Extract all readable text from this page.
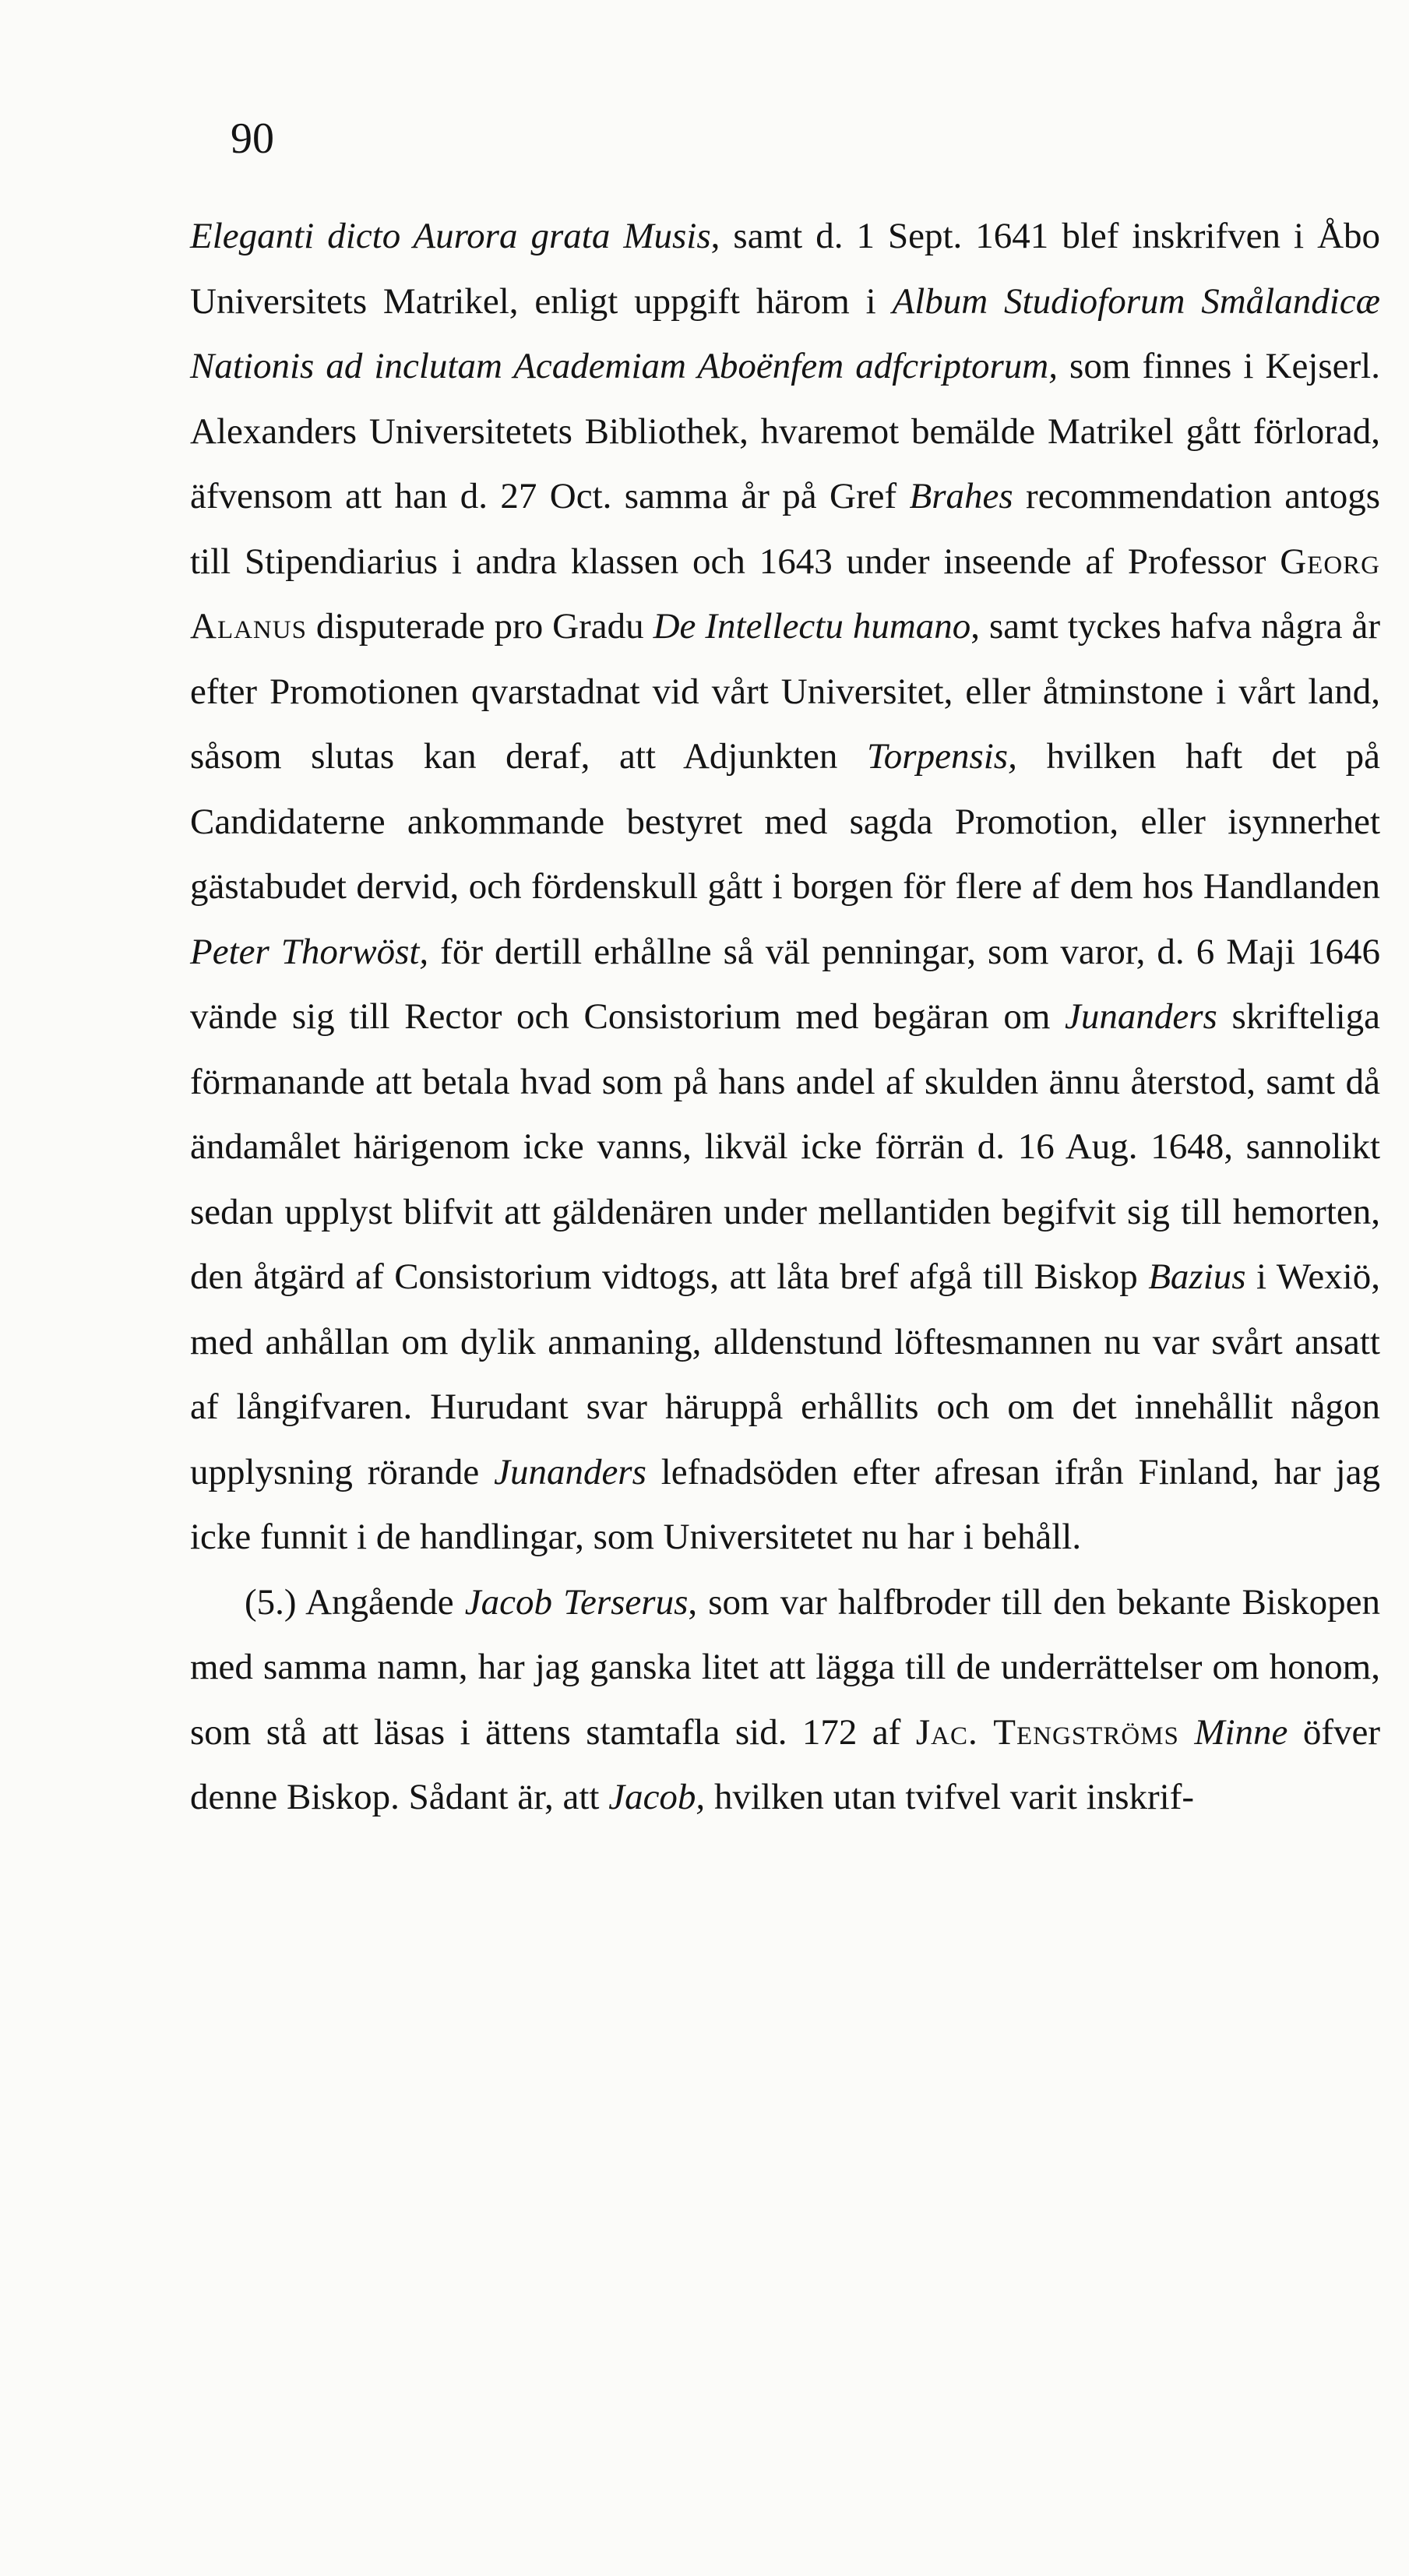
90

Eleganti dicto Aurora grata Musis, samt d. 1 Sept. 1641 blef inskrifven i Åbo Universitets Matrikel, enligt uppgift härom i Album Studioforum Smålandicæ Nationis ad inclutam Academiam Aboënfem adfcriptorum, som finnes i Kejserl. Alexanders Universitetets Bibliothek, hvaremot bemälde Matrikel gått förlorad, äfvensom att han d. 27 Oct. samma år på Gref Brahes recommendation antogs till Stipendiarius i andra klassen och 1643 under inseende af Professor Georg Alanus disputerade pro Gradu De Intellectu humano, samt tyckes hafva några år efter Promotionen qvarstadnat vid vårt Universitet, eller åtminstone i vårt land, såsom slutas kan deraf, att Adjunkten Torpensis, hvilken haft det på Candidaterne ankommande bestyret med sagda Promotion, eller isynnerhet gästabudet dervid, och fördenskull gått i borgen för flere af dem hos Handlanden Peter Thorwöst, för dertill erhållne så väl penningar, som varor, d. 6 Maji 1646 vände sig till Rector och Consistorium med begäran om Junanders skrifteliga förmanande att betala hvad som på hans andel af skulden ännu återstod, samt då ändamålet härigenom icke vanns, likväl icke förrän d. 16 Aug. 1648, sannolikt sedan upplyst blifvit att gäldenären under mellantiden begifvit sig till hemorten, den åtgärd af Consistorium vidtogs, att låta bref afgå till Biskop Bazius i Wexiö, med anhållan om dylik anmaning, alldenstund löftesmannen nu var svårt ansatt af långifvaren. Hurudant svar häruppå erhållits och om det innehållit någon upplysning rörande Junanders lefnadsöden efter afresan ifrån Finland, har jag icke funnit i de handlingar, som Universitetet nu har i behåll.

(5.) Angående Jacob Terserus, som var halfbroder till den bekante Biskopen med samma namn, har jag ganska litet att lägga till de underrättelser om honom, som stå att läsas i ättens stamtafla sid. 172 af Jac. Tengströms Minne öfver denne Biskop. Sådant är, att Jacob, hvilken utan tvifvel varit inskrif-
